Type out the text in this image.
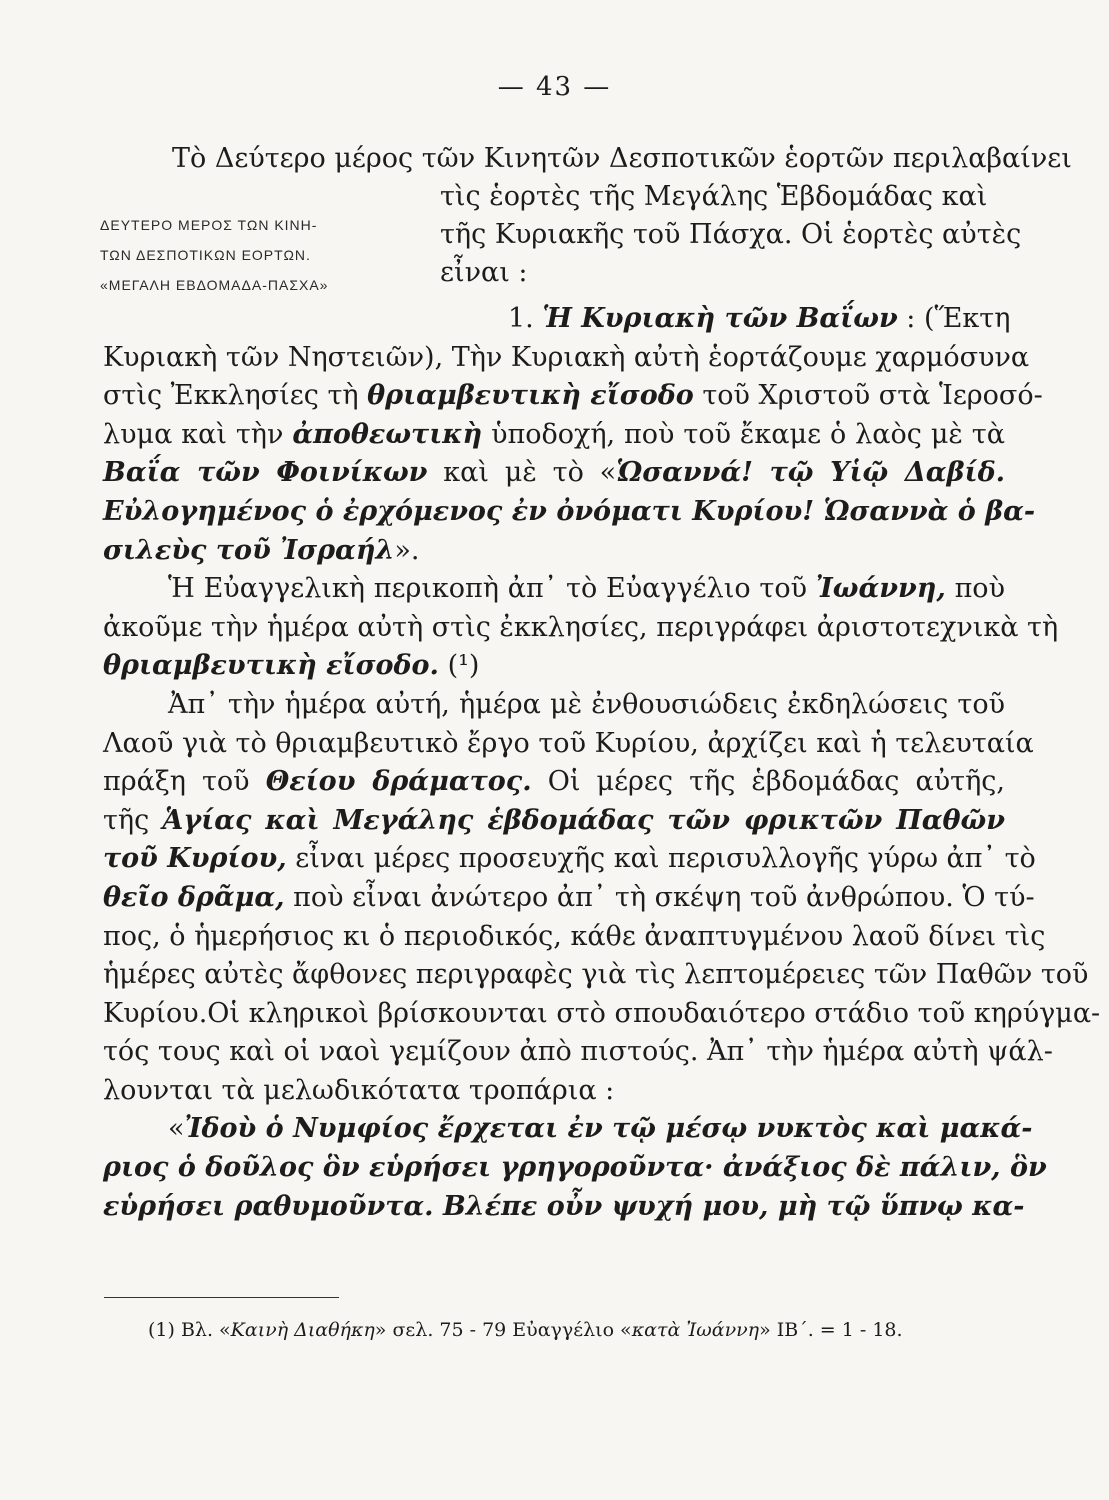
— 43 —
Τὸ Δεύτερο μέρος τῶν Κινητῶν Δεσποτικῶν ἑορτῶν περιλαβαίνει
ΔΕΥΤΕΡΟ ΜΕΡΟΣ ΤΩΝ ΚΙΝΗ-
ΤΩΝ ΔΕΣΠΟΤΙΚΩΝ ΕΟΡΤΩΝ.
«ΜΕΓΑΛΗ ΕΒΔΟΜΑΔΑ-ΠΑΣΧΑ»
τὶς ἑορτὲς τῆς Μεγάλης Ἑβδομάδας καὶ
τῆς Κυριακῆς τοῦ Πάσχα. Οἱ ἑορτὲς αὐτὲς
εἶναι :
1. Ἡ Κυριακὴ τῶν Βαΐων : (Ἕκτη
Κυριακὴ τῶν Νηστειῶν), Τὴν Κυριακὴ αὐτὴ ἑορτάζουμε χαρμόσυνα
στὶς Ἐκκλησίες τὴ θριαμβευτικὴ εἴσοδο τοῦ Χριστοῦ στὰ Ἱεροσό-
λυμα καὶ τὴν ἀποθεωτικὴ ὑποδοχή, ποὺ τοῦ ἔκαμε ὁ λαὸς μὲ τὰ
Βαΐα τῶν Φοινίκων καὶ μὲ τὸ «Ὡσαννά! τῷ Υἱῷ Δαβίδ.
Εὐλογημένος ὁ ἐρχόμενος ἐν ὀνόματι Κυρίου! Ὡσαννὰ ὁ βα-
σιλεὺς τοῦ Ἰσραήλ».
Ἡ Εὐαγγελικὴ περικοπὴ ἀπ᾿ τὸ Εὐαγγέλιο τοῦ Ἰωάννη, ποὺ
ἀκοῦμε τὴν ἡμέρα αὐτὴ στὶς ἐκκλησίες, περιγράφει ἀριστοτεχνικὰ τὴ
θριαμβευτικὴ εἴσοδο. (¹)
Ἀπ᾿ τὴν ἡμέρα αὐτή, ἡμέρα μὲ ἐνθουσιώδεις ἐκδηλώσεις τοῦ
Λαοῦ γιὰ τὸ θριαμβευτικὸ ἔργο τοῦ Κυρίου, ἀρχίζει καὶ ἡ τελευταία
πράξη τοῦ Θείου δράματος. Οἱ μέρες τῆς ἑβδομάδας αὐτῆς,
τῆς Ἁγίας καὶ Μεγάλης ἑβδομάδας τῶν φρικτῶν Παθῶν
τοῦ Κυρίου, εἶναι μέρες προσευχῆς καὶ περισυλλογῆς γύρω ἀπ᾿ τὸ
θεῖο δρᾶμα, ποὺ εἶναι ἀνώτερο ἀπ᾿ τὴ σκέψη τοῦ ἀνθρώπου. Ὁ τύ-
πος, ὁ ἡμερήσιος κι ὁ περιοδικός, κάθε ἀναπτυγμένου λαοῦ δίνει τὶς
ἡμέρες αὐτὲς ἄφθονες περιγραφὲς γιὰ τὶς λεπτομέρειες τῶν Παθῶν τοῦ
Κυρίου.Οἱ κληρικοὶ βρίσκουνται στὸ σπουδαιότερο στάδιο τοῦ κηρύγμα-
τός τους καὶ οἱ ναοὶ γεμίζουν ἀπὸ πιστούς. Ἀπ᾿ τὴν ἡμέρα αὐτὴ ψάλ-
λουνται τὰ μελωδικότατα τροπάρια :
«Ἰδοὺ ὁ Νυμφίος ἔρχεται ἐν τῷ μέσῳ νυκτὸς καὶ μακά-
ριος ὁ δοῦλος ὃν εὑρήσει γρηγοροῦντα· ἀνάξιος δὲ πάλιν, ὃν
εὑρήσει ραθυμοῦντα. Βλέπε οὖν ψυχή μου, μὴ τῷ ὕπνῳ κα-
(1) Βλ. «Καινὴ Διαθήκη» σελ. 75 - 79 Εὐαγγέλιο «κατὰ Ἰωάννη» ΙΒ΄. = 1 - 18.
